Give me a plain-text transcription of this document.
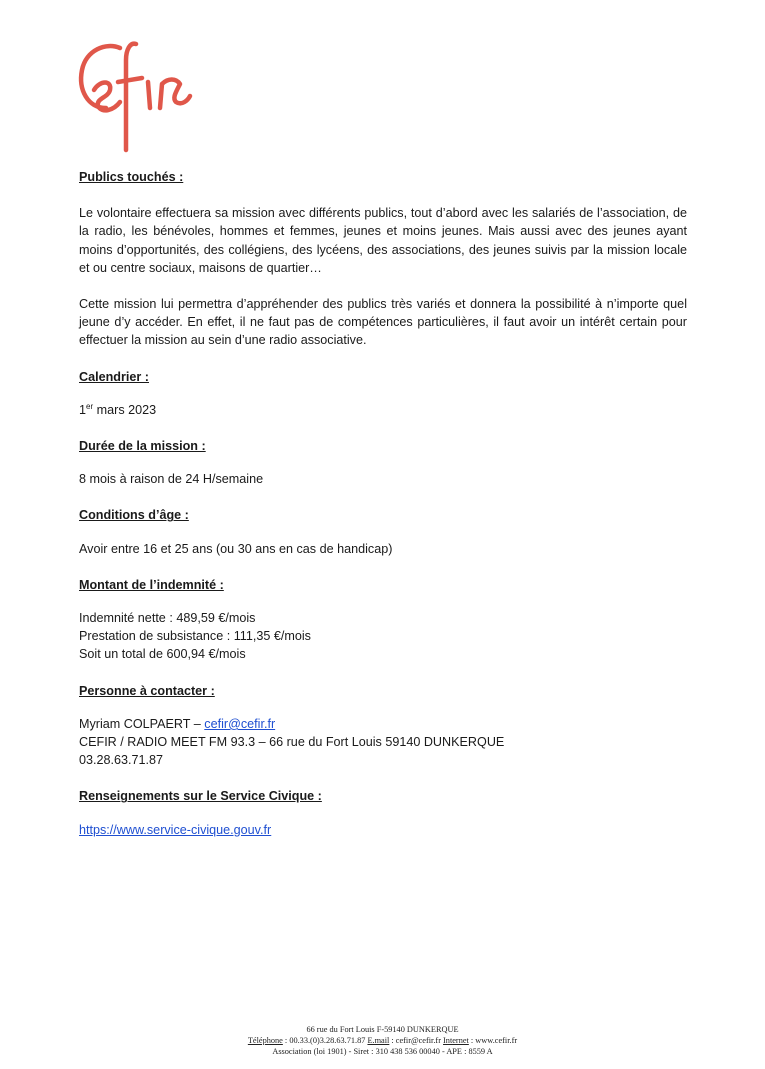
Publics touchés :

Le volontaire effectuera sa mission avec différents publics, tout d’abord avec les salariés de l’association, de la radio, les bénévoles, hommes et femmes, jeunes et moins jeunes. Mais aussi avec des jeunes ayant moins d’opportunités, des collégiens, des lycéens, des associations, des jeunes suivis par la mission locale et ou centre sociaux, maisons de quartier…

Cette mission lui permettra d’appréhender des publics très variés et donnera la possibilité à n’importe quel jeune d’y accéder. En effet, il ne faut pas de compétences particulières, il faut avoir un intérêt certain pour effectuer la mission au sein d’une radio associative.

Calendrier :

1er mars 2023

Durée de la mission :

8 mois à raison de 24 H/semaine

Conditions d’âge :

Avoir entre 16 et 25 ans (ou 30 ans en cas de handicap)

Montant de l’indemnité :

Indemnité nette : 489,59 €/mois

Prestation de subsistance : 111,35 €/mois

Soit un total de 600,94 €/mois

Personne à contacter :

Myriam COLPAERT – cefir@cefir.fr

CEFIR / RADIO MEET FM 93.3 – 66 rue du Fort Louis 59140 DUNKERQUE

03.28.63.71.87

Renseignements sur le Service Civique :

https://www.service-civique.gouv.fr

66 rue du Fort Louis F-59140 DUNKERQUE
Téléphone : 00.33.(0)3.28.63.71.87 E.mail : cefir@cefir.fr Internet : www.cefir.fr
Association (loi 1901) - Siret : 310 438 536 00040 - APE : 8559 A
